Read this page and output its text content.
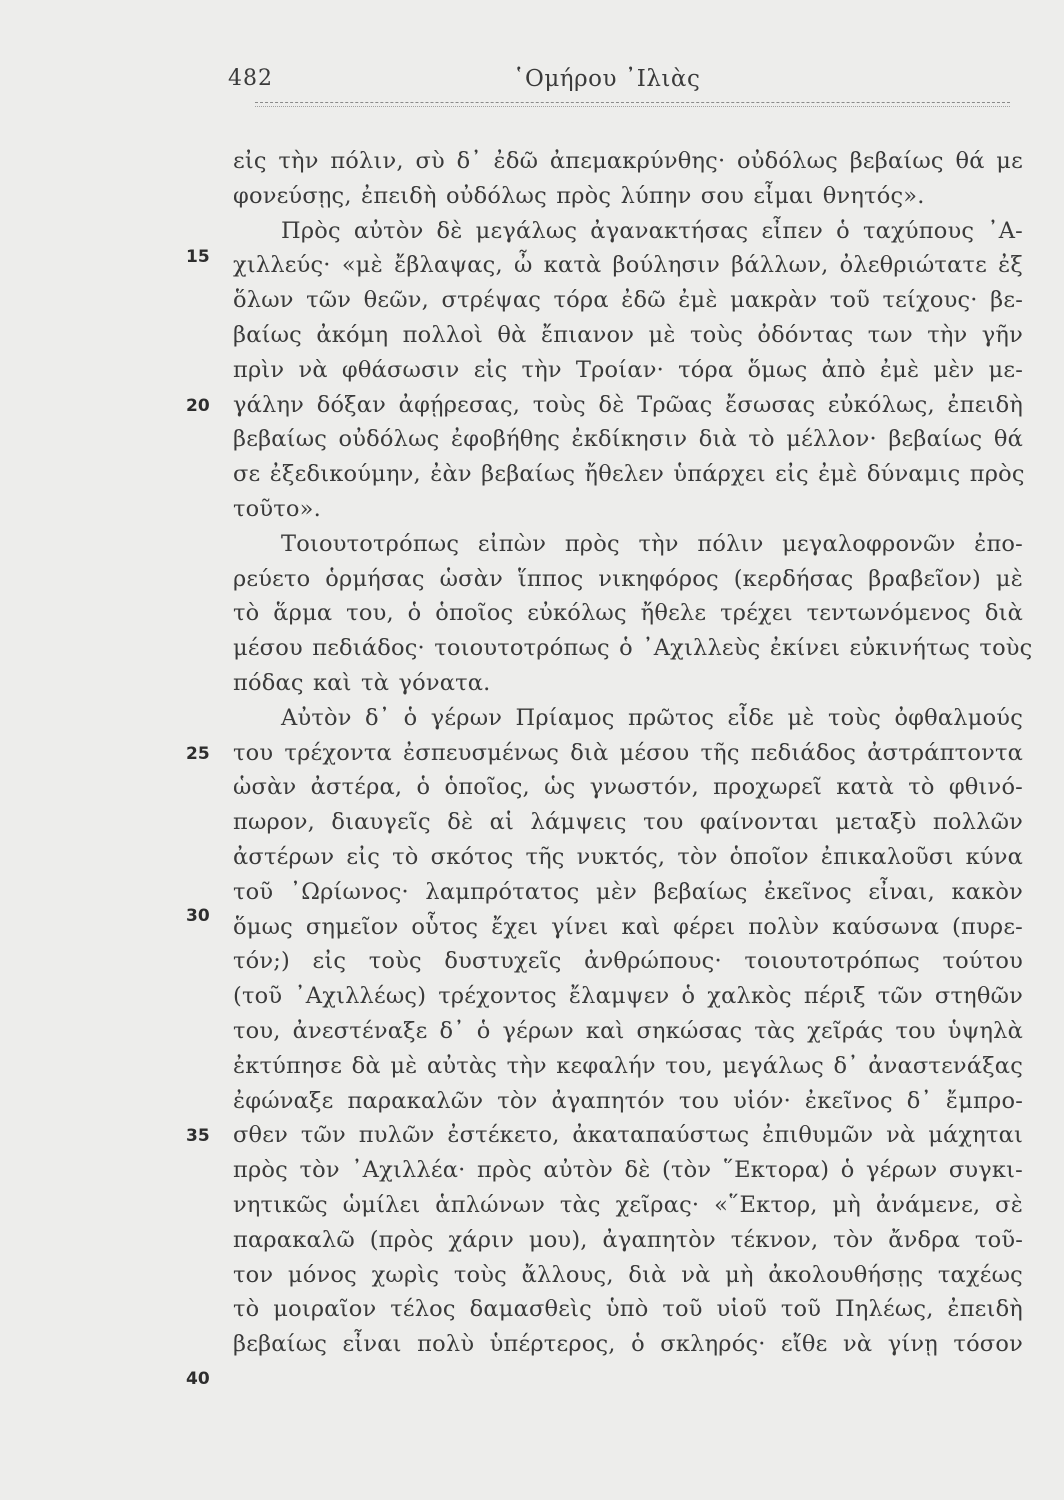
482	῾Ομήρου ᾽Ιλιὰς
15
20
25
30
35
40
εἰς τὴν πόλιν, σὺ δ᾽ ἐδῶ ἀπεμακρύνθης· οὐδόλως βεβαίως θά με
φονεύσῃς, ἐπειδὴ οὐδόλως πρὸς λύπην σου εἶμαι θνητός».
Πρὸς αὐτὸν δὲ μεγάλως ἀγανακτήσας εἶπεν ὁ ταχύπους ᾽Α-
χιλλεύς· «μὲ ἔβλαψας, ὦ κατὰ βούλησιν βάλλων, ὀλεθριώτατε ἐξ
ὅλων τῶν θεῶν, στρέψας τόρα ἐδῶ ἐμὲ μακρὰν τοῦ τείχους· βε-
βαίως ἀκόμη πολλοὶ θὰ ἔπιανον μὲ τοὺς ὀδόντας των τὴν γῆν
πρὶν νὰ φθάσωσιν εἰς τὴν Τροίαν· τόρα ὅμως ἀπὸ ἐμὲ μὲν με-
γάλην δόξαν ἀφῄρεσας, τοὺς δὲ Τρῶας ἔσωσας εὐκόλως, ἐπειδὴ
βεβαίως οὐδόλως ἐφοβήθης ἐκδίκησιν διὰ τὸ μέλλον· βεβαίως θά
σε ἐξεδικούμην, ἐὰν βεβαίως ἤθελεν ὑπάρχει εἰς ἐμὲ δύναμις πρὸς
τοῦτο».
Τοιουτοτρόπως εἰπὼν πρὸς τὴν πόλιν μεγαλοφρονῶν ἐπο-
ρεύετο ὁρμήσας ὡσὰν ἵππος νικηφόρος (κερδήσας βραβεῖον) μὲ
τὸ ἅρμα του, ὁ ὁποῖος εὐκόλως ἤθελε τρέχει τεντωνόμενος διὰ
μέσου πεδιάδος· τοιουτοτρόπως ὁ ᾽Αχιλλεὺς ἐκίνει εὐκινήτως τοὺς
πόδας καὶ τὰ γόνατα.
Αὐτὸν δ᾽ ὁ γέρων Πρίαμος πρῶτος εἶδε μὲ τοὺς ὀφθαλμούς
του τρέχοντα ἐσπευσμένως διὰ μέσου τῆς πεδιάδος ἀστράπτοντα
ὡσὰν ἀστέρα, ὁ ὁποῖος, ὡς γνωστόν, προχωρεῖ κατὰ τὸ φθινό-
πωρον, διαυγεῖς δὲ αἱ λάμψεις του φαίνονται μεταξὺ πολλῶν
ἀστέρων εἰς τὸ σκότος τῆς νυκτός, τὸν ὁποῖον ἐπικαλοῦσι κύνα
τοῦ ᾽Ωρίωνος· λαμπρότατος μὲν βεβαίως ἐκεῖνος εἶναι, κακὸν
ὅμως σημεῖον οὗτος ἔχει γίνει καὶ φέρει πολὺν καύσωνα (πυρε-
τόν;) εἰς τοὺς δυστυχεῖς ἀνθρώπους· τοιουτοτρόπως τούτου
(τοῦ ᾽Αχιλλέως) τρέχοντος ἔλαμψεν ὁ χαλκὸς πέριξ τῶν στηθῶν
του, ἀνεστέναξε δ᾽ ὁ γέρων καὶ σηκώσας τὰς χεῖράς του ὑψηλὰ
ἐκτύπησε δὰ μὲ αὐτὰς τὴν κεφαλήν του, μεγάλως δ᾽ ἀναστενάξας
ἐφώναξε παρακαλῶν τὸν ἀγαπητόν του υἱόν· ἐκεῖνος δ᾽ ἔμπρο-
σθεν τῶν πυλῶν ἐστέκετο, ἀκαταπαύστως ἐπιθυμῶν νὰ μάχηται
πρὸς τὸν ᾽Αχιλλέα· πρὸς αὐτὸν δὲ (τὸν ῞Εκτορα) ὁ γέρων συγκι-
νητικῶς ὡμίλει ἁπλώνων τὰς χεῖρας· «῞Εκτορ, μὴ ἀνάμενε, σὲ
παρακαλῶ (πρὸς χάριν μου), ἀγαπητὸν τέκνον, τὸν ἄνδρα τοῦ-
τον μόνος χωρὶς τοὺς ἄλλους, διὰ νὰ μὴ ἀκολουθήσῃς ταχέως
τὸ μοιραῖον τέλος δαμασθεὶς ὑπὸ τοῦ υἱοῦ τοῦ Πηλέως, ἐπειδὴ
βεβαίως εἶναι πολὺ ὑπέρτερος, ὁ σκληρός· εἴθε νὰ γίνῃ τόσον
